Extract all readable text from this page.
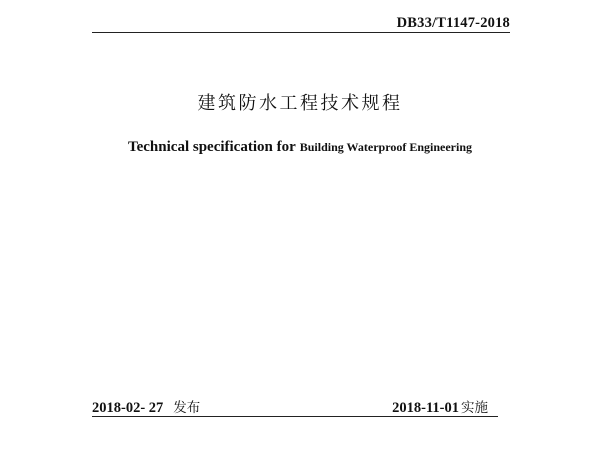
DB33/T1147-2018
建筑防水工程技术规程
Technical specification for Building Waterproof Engineering
2018-02- 27 发布	2018-11-01 实施
